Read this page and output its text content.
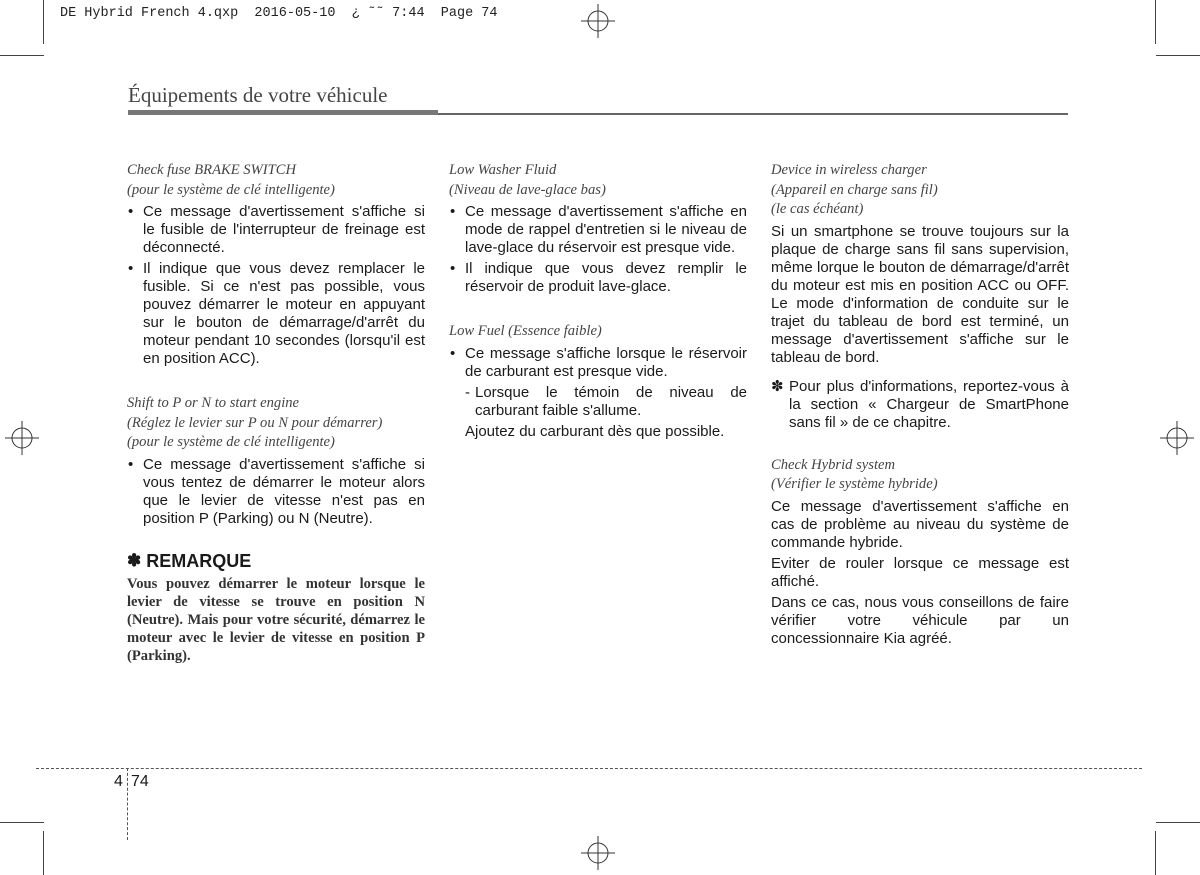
DE Hybrid French 4.qxp  2016-05-10  ¿ ˜˜ 7:44  Page 74
Équipements de votre véhicule
Check fuse BRAKE SWITCH
(pour le système de clé intelligente)
• Ce message d'avertissement s'affiche si le fusible de l'interrupteur de freinage est déconnecté.
• Il indique que vous devez remplacer le fusible. Si ce n'est pas possible, vous pouvez démarrer le moteur en appuyant sur le bouton de démarrage/d'arrêt du moteur pendant 10 secondes (lorsqu'il est en position ACC).
Shift to P or N to start engine
(Réglez le levier sur P ou N pour démarrer)
(pour le système de clé intelligente)
• Ce message d'avertissement s'affiche si vous tentez de démarrer le moteur alors que le levier de vitesse n'est pas en position P (Parking) ou N (Neutre).
✽ REMARQUE
Vous pouvez démarrer le moteur lorsque le levier de vitesse se trouve en position N (Neutre). Mais pour votre sécurité, démarrez le moteur avec le levier de vitesse en position P (Parking).
Low Washer Fluid
(Niveau de lave-glace bas)
• Ce message d'avertissement s'affiche en mode de rappel d'entretien si le niveau de lave-glace du réservoir est presque vide.
• Il indique que vous devez remplir le réservoir de produit lave-glace.
Low Fuel (Essence faible)
• Ce message s'affiche lorsque le réservoir de carburant est presque vide.
- Lorsque le témoin de niveau de carburant faible s'allume.
Ajoutez du carburant dès que possible.
Device in wireless charger
(Appareil en charge sans fil)
(le cas échéant)

Si un smartphone se trouve toujours sur la plaque de charge sans fil sans supervision, même lorque le bouton de démarrage/d'arrêt du moteur est mis en position ACC ou OFF. Le mode d'information de conduite sur le trajet du tableau de bord est terminé, un message d'avertissement s'affiche sur le tableau de bord.

✽ Pour plus d'informations, reportez-vous à la section « Chargeur de SmartPhone sans fil » de ce chapitre.

Check Hybrid system
(Vérifier le système hybride)

Ce message d'avertissement s'affiche en cas de problème au niveau du système de commande hybride.

Eviter de rouler lorsque ce message est affiché.

Dans ce cas, nous vous conseillons de faire vérifier votre véhicule par un concessionnaire Kia agréé.

4 74
